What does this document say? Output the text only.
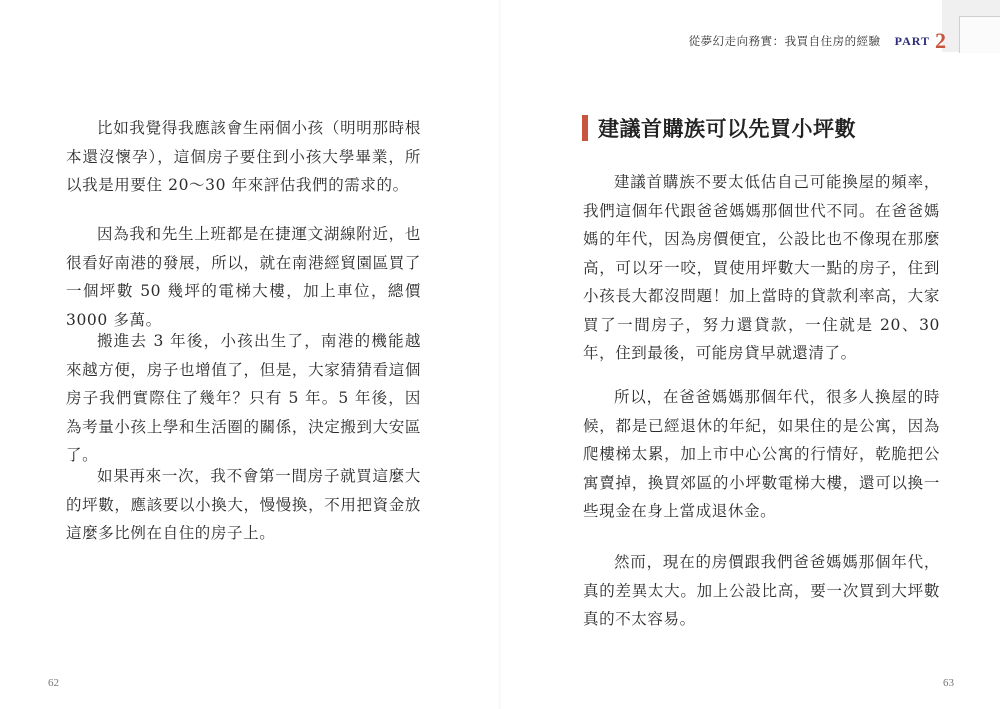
比如我覺得我應該會生兩個小孩（明明那時根本還沒懷孕），這個房子要住到小孩大學畢業，所以我是用要住 20～30 年來評估我們的需求的。

因為我和先生上班都是在捷運文湖線附近，也很看好南港的發展，所以，就在南港經貿園區買了一個坪數 50 幾坪的電梯大樓，加上車位，總價 3000 多萬。

搬進去 3 年後，小孩出生了，南港的機能越來越方便，房子也增值了，但是，大家猜猜看這個房子我們實際住了幾年？只有 5 年。5 年後，因為考量小孩上學和生活圈的關係，決定搬到大安區了。

如果再來一次，我不會第一間房子就買這麼大的坪數，應該要以小換大，慢慢換，不用把資金放這麼多比例在自住的房子上。

62
從夢幻走向務實：我買自住房的經驗 PART 2
建議首購族可以先買小坪數

建議首購族不要太低估自己可能換屋的頻率，我們這個年代跟爸爸媽媽那個世代不同。在爸爸媽媽的年代，因為房價便宜，公設比也不像現在那麼高，可以牙一咬，買使用坪數大一點的房子，住到小孩長大都沒問題！加上當時的貸款利率高，大家買了一間房子，努力還貸款，一住就是 20、30 年，住到最後，可能房貸早就還清了。

所以，在爸爸媽媽那個年代，很多人換屋的時候，都是已經退休的年紀，如果住的是公寓，因為爬樓梯太累，加上市中心公寓的行情好，乾脆把公寓賣掉，換買郊區的小坪數電梯大樓，還可以換一些現金在身上當成退休金。

然而，現在的房價跟我們爸爸媽媽那個年代，真的差異太大。加上公設比高，要一次買到大坪數真的不太容易。

63
